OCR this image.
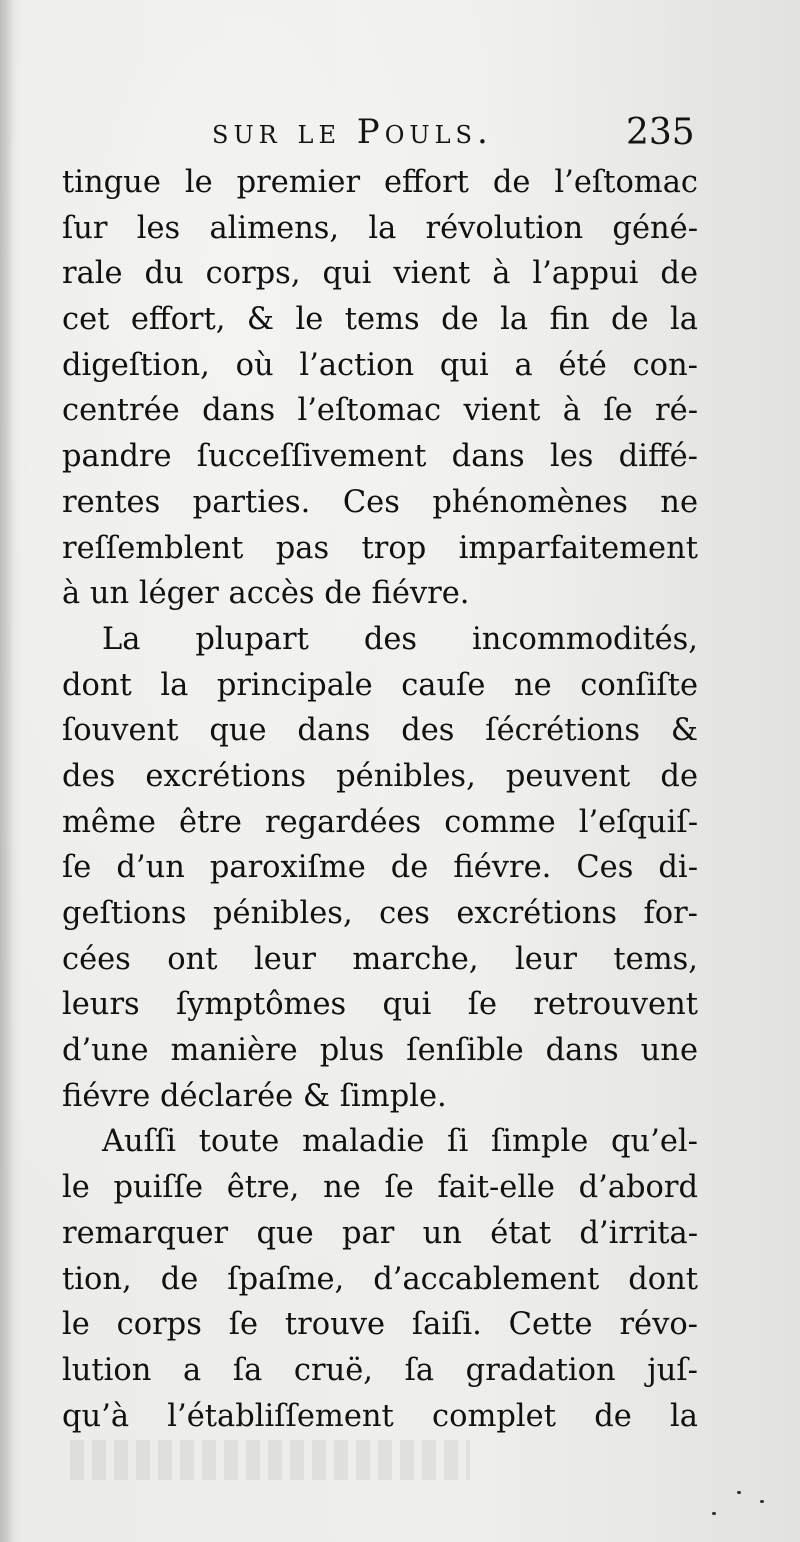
sur le Pouls.	235
tingue le premier effort de l’eſtomac
ſur les alimens, la révolution géné-
rale du corps, qui vient à l’appui de
cet effort, & le tems de la fin de la
digeſtion, où l’action qui a été con-
centrée dans l’eſtomac vient à ſe ré-
pandre ſucceſſivement dans les diffé-
rentes parties. Ces phénomènes ne
reſſemblent pas trop imparfaitement
à un léger accès de fiévre.
La plupart des incommodités,
dont la principale cauſe ne conſiſte
ſouvent que dans des ſécrétions &
des excrétions pénibles, peuvent de
même être regardées comme l’eſquiſ-
ſe d’un paroxiſme de fiévre. Ces di-
geſtions pénibles, ces excrétions for-
cées ont leur marche, leur tems,
leurs ſymptômes qui ſe retrouvent
d’une manière plus ſenſible dans une
fiévre déclarée & ſimple.
Auſſi toute maladie ſi ſimple qu’el-
le puiſſe être, ne ſe fait-elle d’abord
remarquer que par un état d’irrita-
tion, de ſpaſme, d’accablement dont
le corps ſe trouve ſaiſi. Cette révo-
lution a ſa cruë, ſa gradation juſ-
qu’à l’établiſſement complet de la
